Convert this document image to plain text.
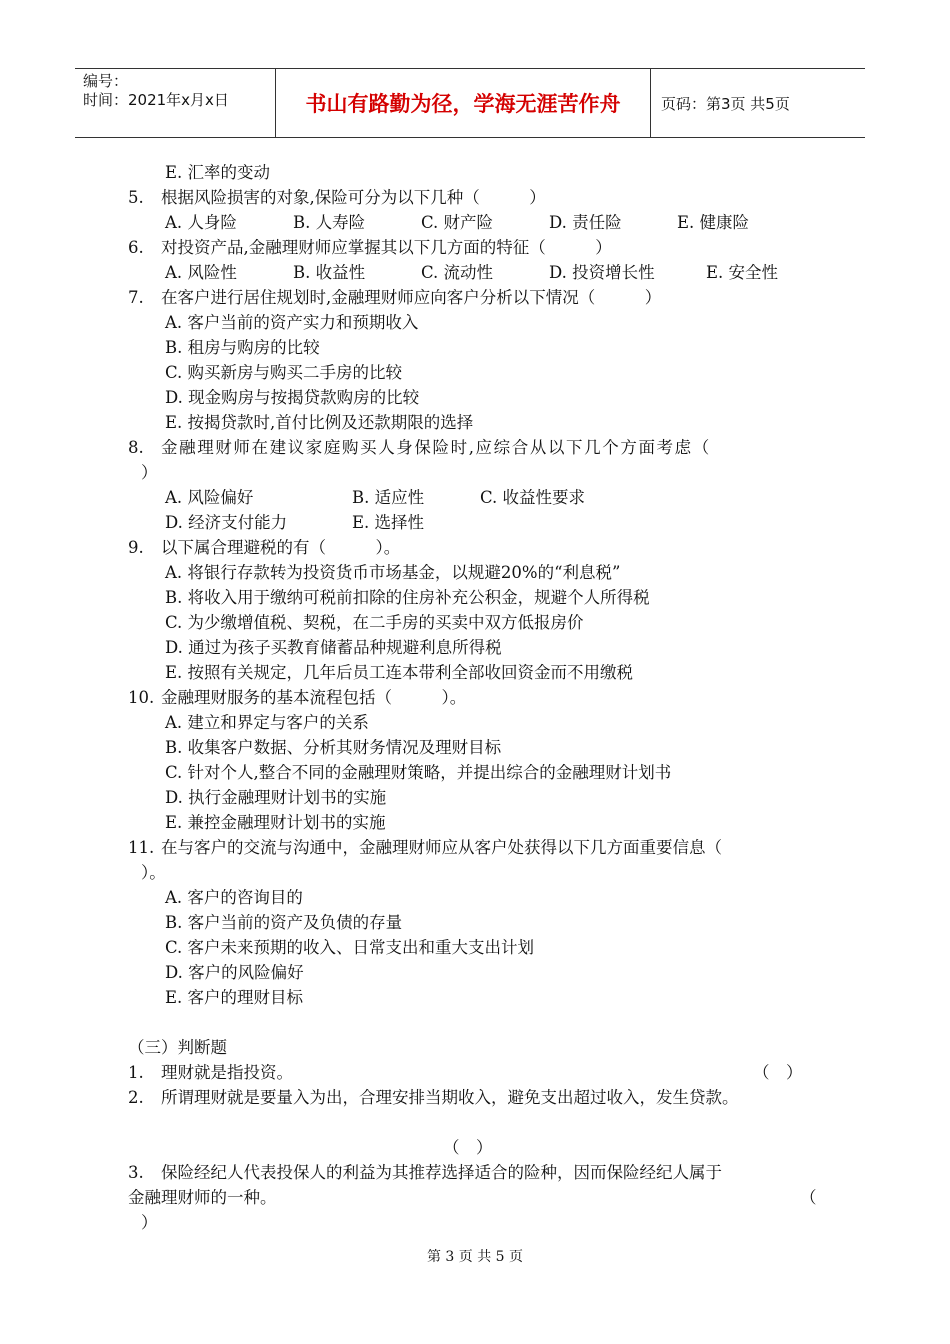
编号：
时间：2021年x月x日	书山有路勤为径，学海无涯苦作舟	页码：第3页 共5页
E. 汇率的变动
5. 根据风险损害的对象,保险可分为以下几种（　　　）
A. 人身险	B. 人寿险	C. 财产险	D. 责任险	E. 健康险
6. 对投资产品,金融理财师应掌握其以下几方面的特征（　　　）
A. 风险性	B. 收益性	C. 流动性	D. 投资增长性	E. 安全性
7. 在客户进行居住规划时,金融理财师应向客户分析以下情况（　　　）
A. 客户当前的资产实力和预期收入
B. 租房与购房的比较
C. 购买新房与购买二手房的比较
D. 现金购房与按揭贷款购房的比较
E. 按揭贷款时,首付比例及还款期限的选择
8. 金融理财师在建议家庭购买人身保险时,应综合从以下几个方面考虑（
）
A. 风险偏好	B. 适应性	C. 收益性要求
D. 经济支付能力	E. 选择性
9. 以下属合理避税的有（　　　）。
A. 将银行存款转为投资货币市场基金，以规避20%的“利息税”
B. 将收入用于缴纳可税前扣除的住房补充公积金，规避个人所得税
C. 为少缴增值税、契税，在二手房的买卖中双方低报房价
D. 通过为孩子买教育储蓄品种规避利息所得税
E. 按照有关规定，几年后员工连本带利全部收回资金而不用缴税
10. 金融理财服务的基本流程包括（　　　）。
A. 建立和界定与客户的关系
B. 收集客户数据、分析其财务情况及理财目标
C. 针对个人,整合不同的金融理财策略，并提出综合的金融理财计划书
D. 执行金融理财计划书的实施
E. 兼控金融理财计划书的实施
11. 在与客户的交流与沟通中，金融理财师应从客户处获得以下几方面重要信息（
）。
A. 客户的咨询目的
B. 客户当前的资产及负债的存量
C. 客户未来预期的收入、日常支出和重大支出计划
D. 客户的风险偏好
E. 客户的理财目标
（三）判断题
1. 理财就是指投资。	（　）
2. 所谓理财就是要量入为出，合理安排当期收入，避免支出超过收入，发生贷款。
（　）
3. 保险经纪人代表投保人的利益为其推荐选择适合的险种，因而保险经纪人属于
金融理财师的一种。	（
）
第 3 页 共 5 页
